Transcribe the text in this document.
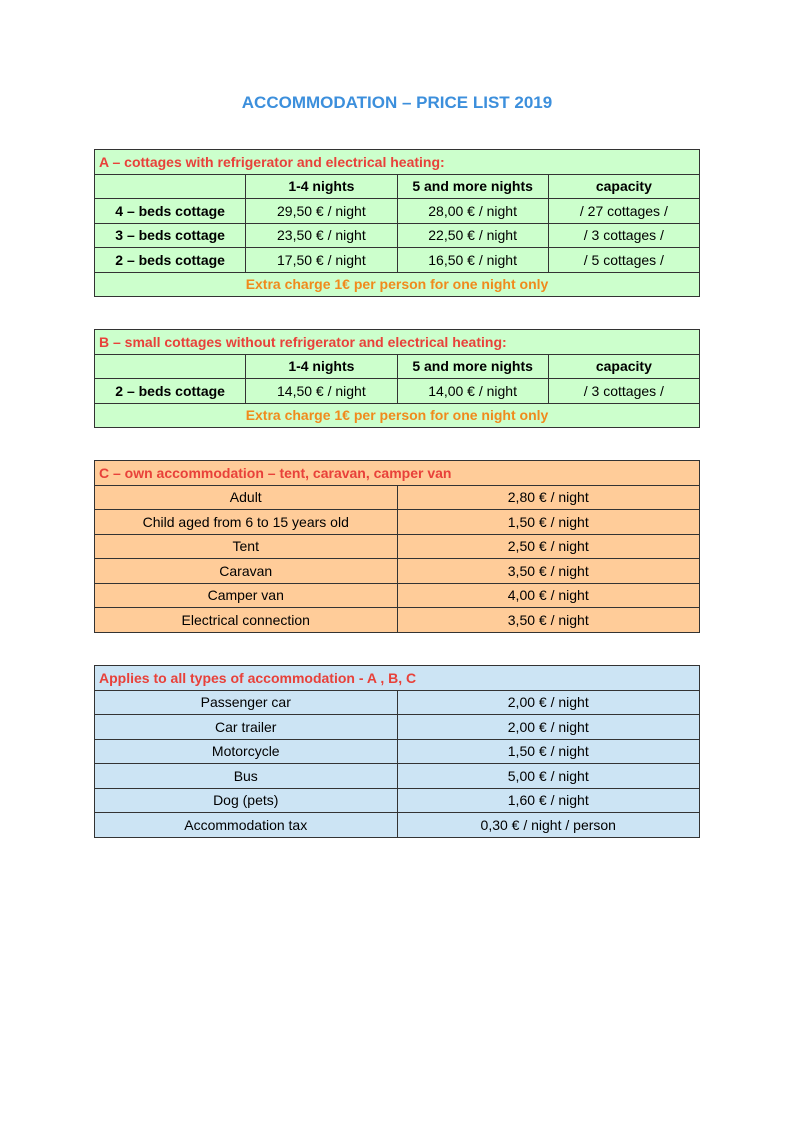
ACCOMMODATION – PRICE LIST 2019
A – cottages with refrigerator and electrical heating:			
	1-4 nights	5 and more nights	capacity
4 – beds cottage	29,50 € / night	28,00 € / night	/ 27 cottages /
3 – beds cottage	23,50 € / night	22,50 € / night	/ 3 cottages /
2 – beds cottage	17,50 € / night	16,50 € / night	/ 5 cottages /
Extra charge 1€ per person for one night only			
B – small cottages without refrigerator and electrical heating:			
	1-4 nights	5 and more nights	capacity
2 – beds cottage	14,50 € / night	14,00 € / night	/ 3 cottages /
Extra charge 1€ per person for one night only			
C – own accommodation – tent, caravan, camper van	
Adult	2,80 € / night
Child aged from 6 to 15 years old	1,50 € / night
Tent	2,50 € / night
Caravan	3,50 € / night
Camper van	4,00 € / night
Electrical connection	3,50 € / night
Applies to all types of accommodation - A , B, C	
Passenger car	2,00 € / night
Car trailer	2,00 € / night
Motorcycle	1,50 € / night
Bus	5,00 € / night
Dog (pets)	1,60 € / night
Accommodation tax	0,30 € / night / person
